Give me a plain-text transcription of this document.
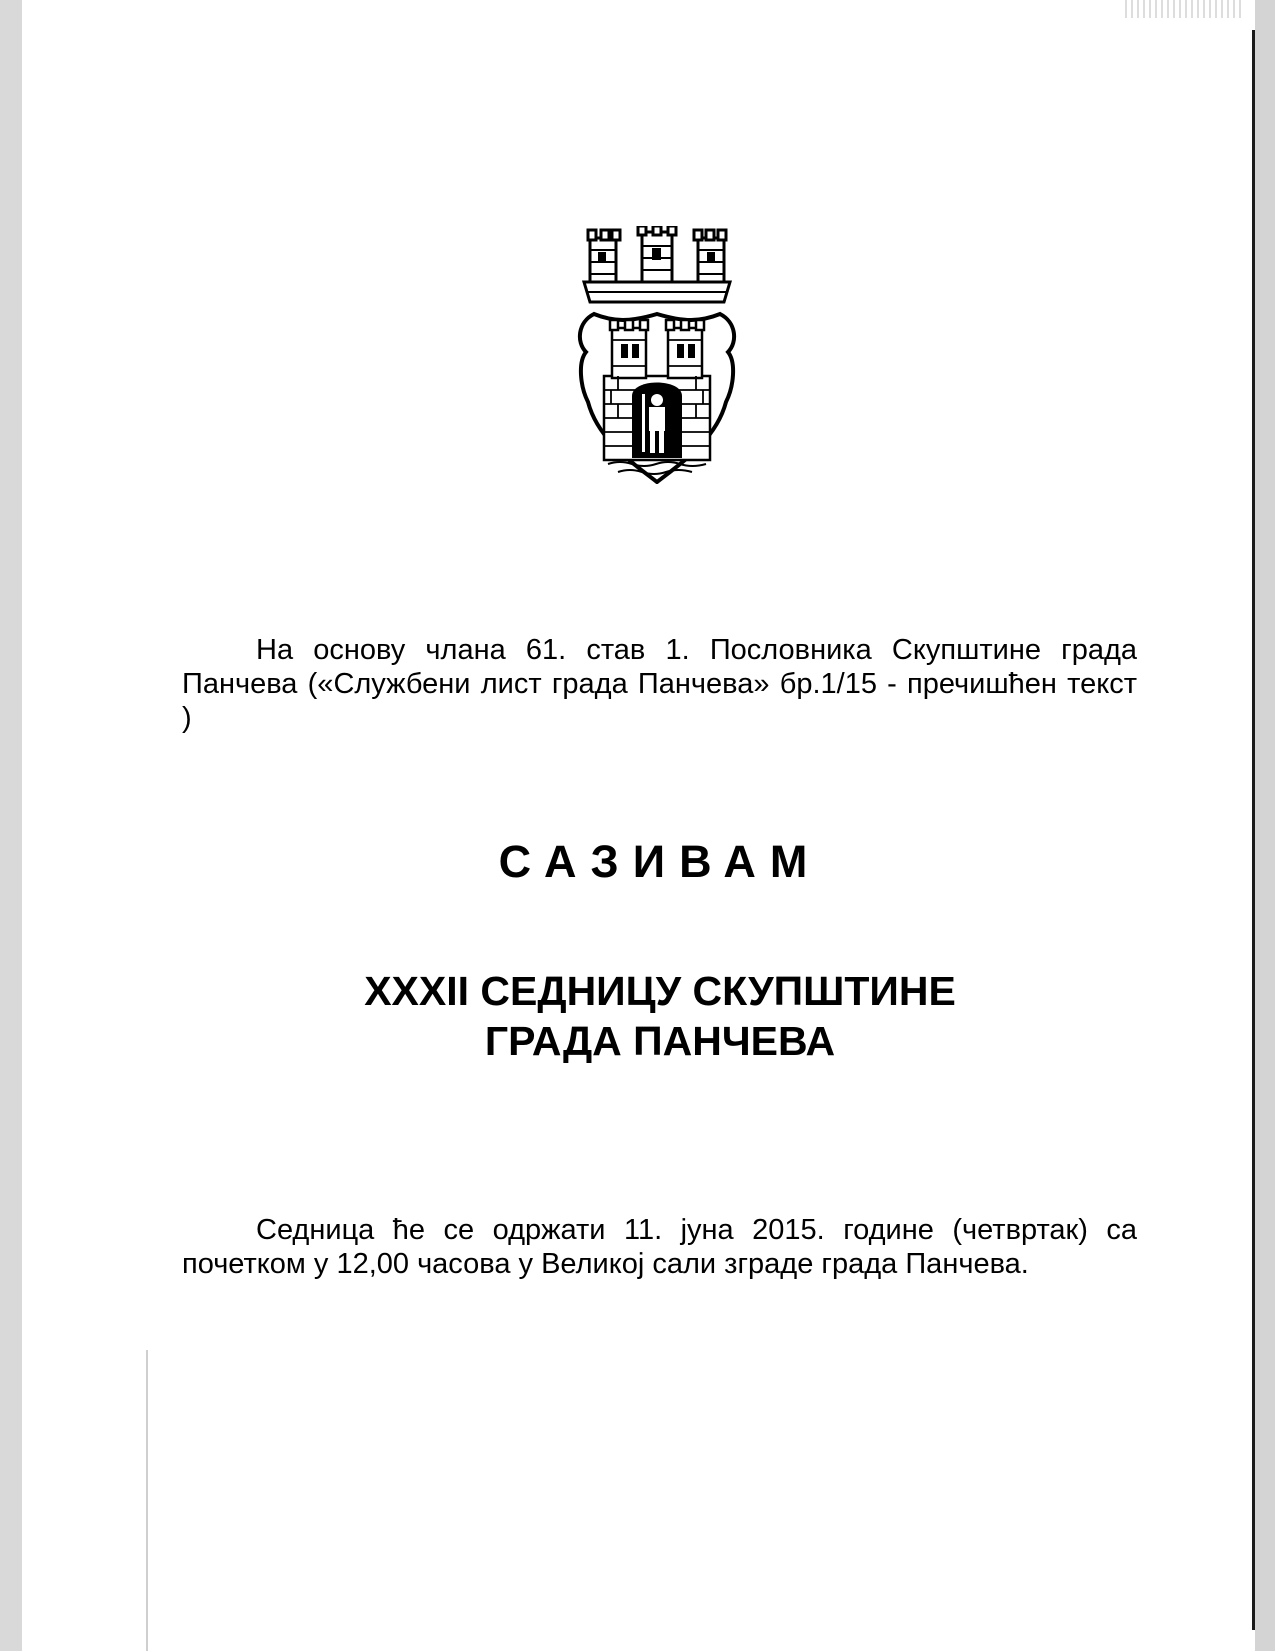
На основу члана 61. став 1. Пословника Скупштине града Панчева («Службени лист града Панчева» бр.1/15 - пречишћен текст )
САЗИВАМ
XXXII СЕДНИЦУ СКУПШТИНЕ
ГРАДА ПАНЧЕВА
Седница ће се одржати 11. јуна 2015. године (четвртак) са почетком у 12,00 часова у Великој сали зграде града Панчева.
